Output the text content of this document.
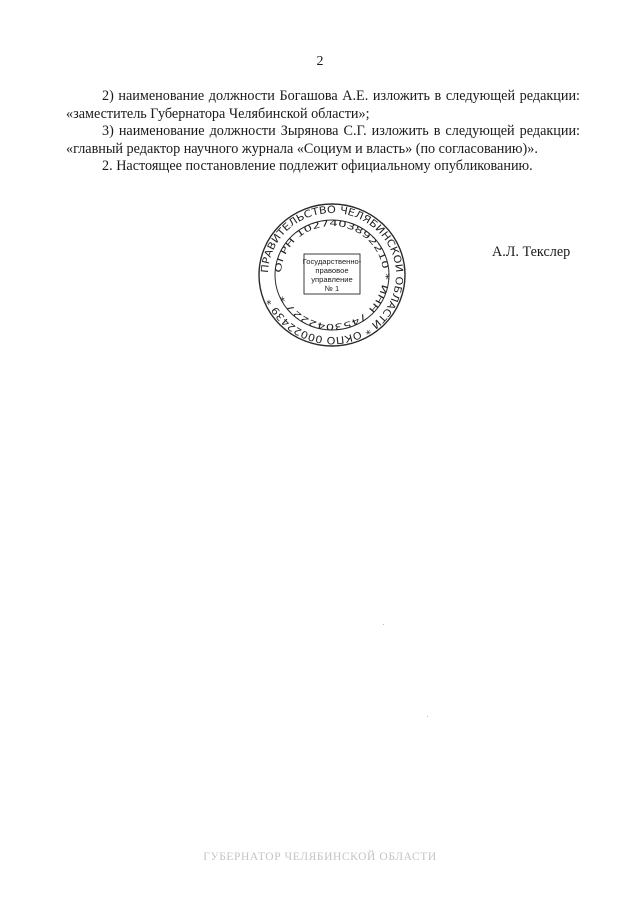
2

2) наименование должности Богашова А.Е. изложить в следующей редакции: «заместитель Губернатора Челябинской области»;

3) наименование должности Зырянова С.Г. изложить в следующей редакции: «главный редактор научного журнала «Социум и власть» (по согласованию)».

2. Настоящее постановление подлежит официальному опубликованию.

ПРАВИТЕЛЬСТВО ЧЕЛЯБИНСКОЙ ОБЛАСТИ * ОКПО 00022439 *
ОГРН 1027403892210 * ИНН 7453042227 *
Государственно-
правовое
управление
№ 1
А.Л. Текслер
ГУБЕРНАТОР ЧЕЛЯБИНСКОЙ ОБЛАСТИ
